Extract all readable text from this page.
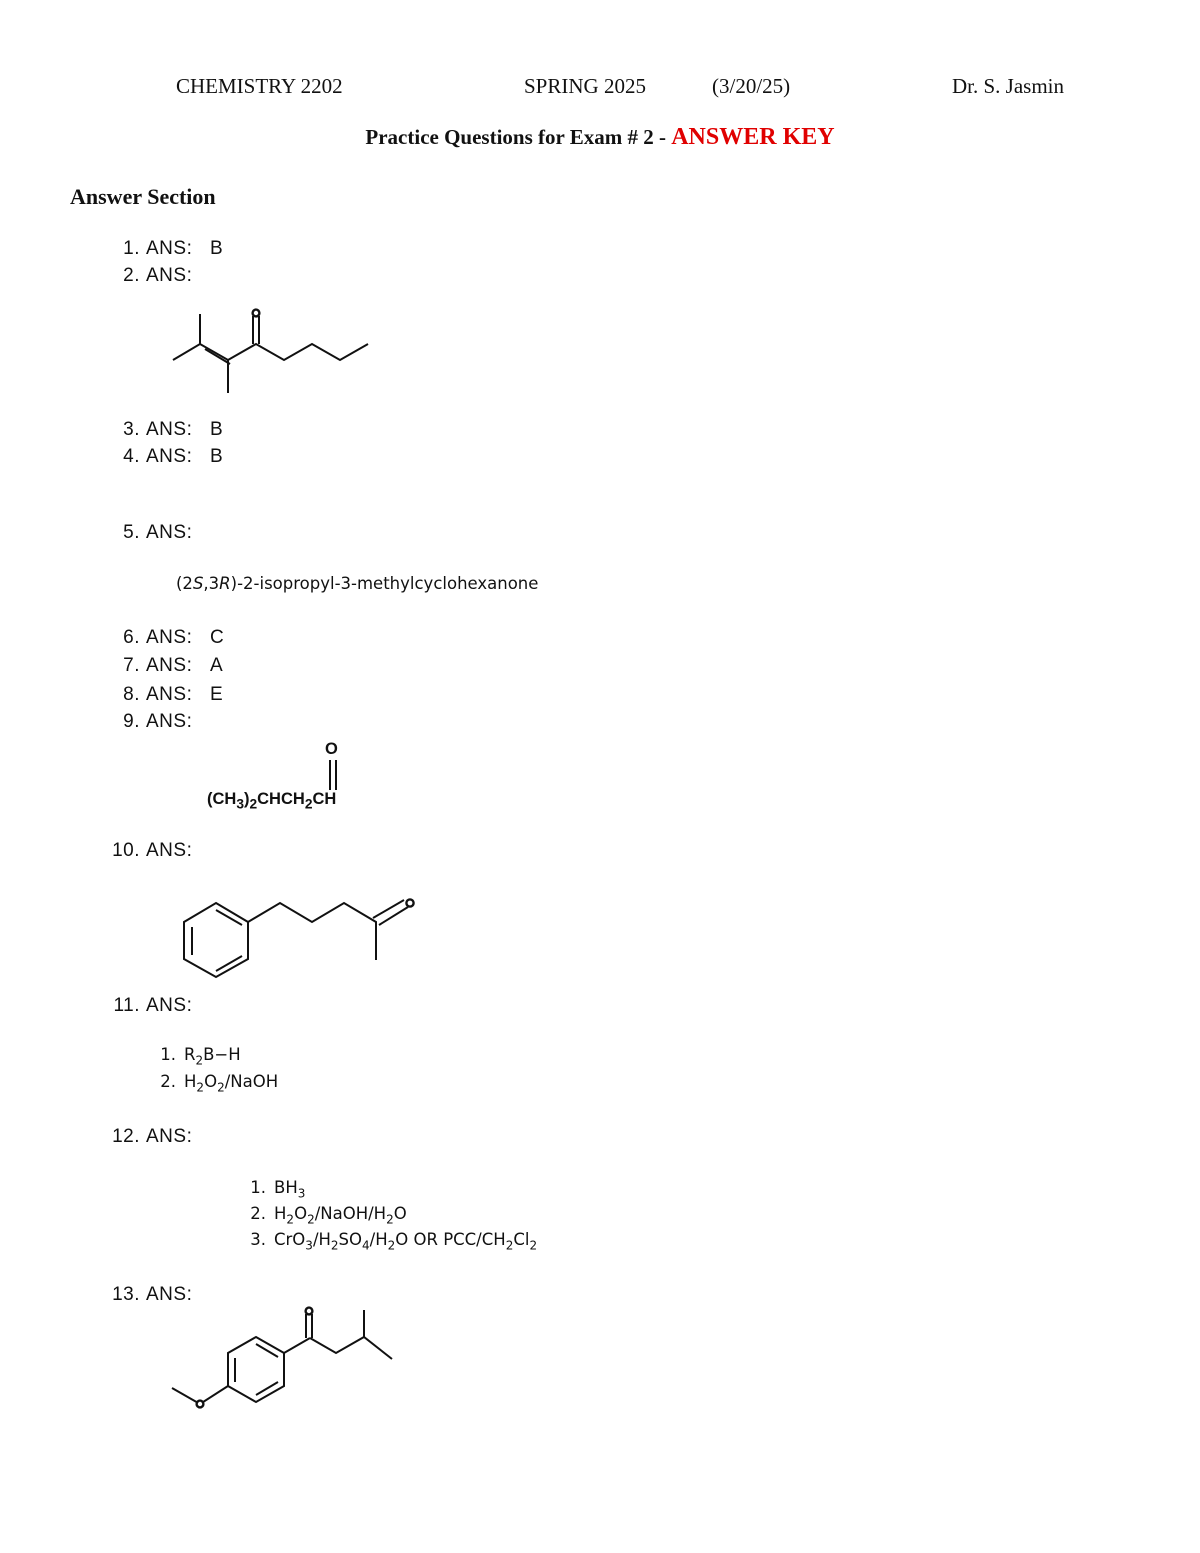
CHEMISTRY 2202	SPRING 2025	(3/20/25)	Dr. S. Jasmin
Practice Questions for Exam # 2 - ANSWER KEY
Answer Section
1. ANS: B
2. ANS:
3. ANS: B
4. ANS: B
5. ANS:
(2S,3R)-2-isopropyl-3-methylcyclohexanone
6. ANS: C
7. ANS: A
8. ANS: E
9. ANS:
O
$(CH_3)_2CHCH_2CH$
10. ANS:
11. ANS:
1. $R_2B-H$
2. $H_2O_2$/NaOH
12. ANS:
1. $BH_3$
2. $H_2O_2/NaOH/H_2O$
3. $CrO_3/H_2SO_4/H_2O$ OR PCC/$CH_2Cl_2$
13. ANS:
